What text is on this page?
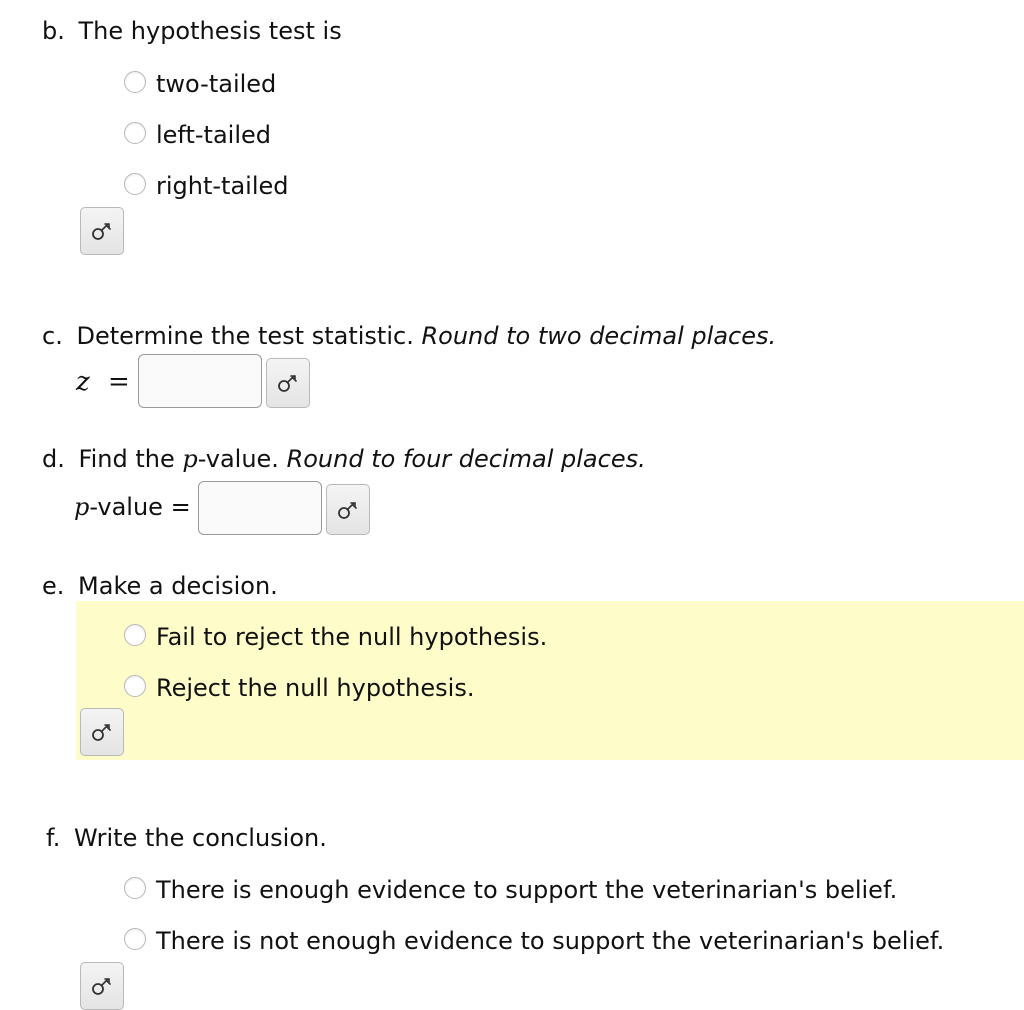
b. The hypothesis test is
two-tailed
left-tailed
right-tailed
c. Determine the test statistic. Round to two decimal places.
z =
d. Find the p-value. Round to four decimal places.
p-value =
e. Make a decision.
Fail to reject the null hypothesis.
Reject the null hypothesis.
f. Write the conclusion.
There is enough evidence to support the veterinarian's belief.
There is not enough evidence to support the veterinarian's belief.
